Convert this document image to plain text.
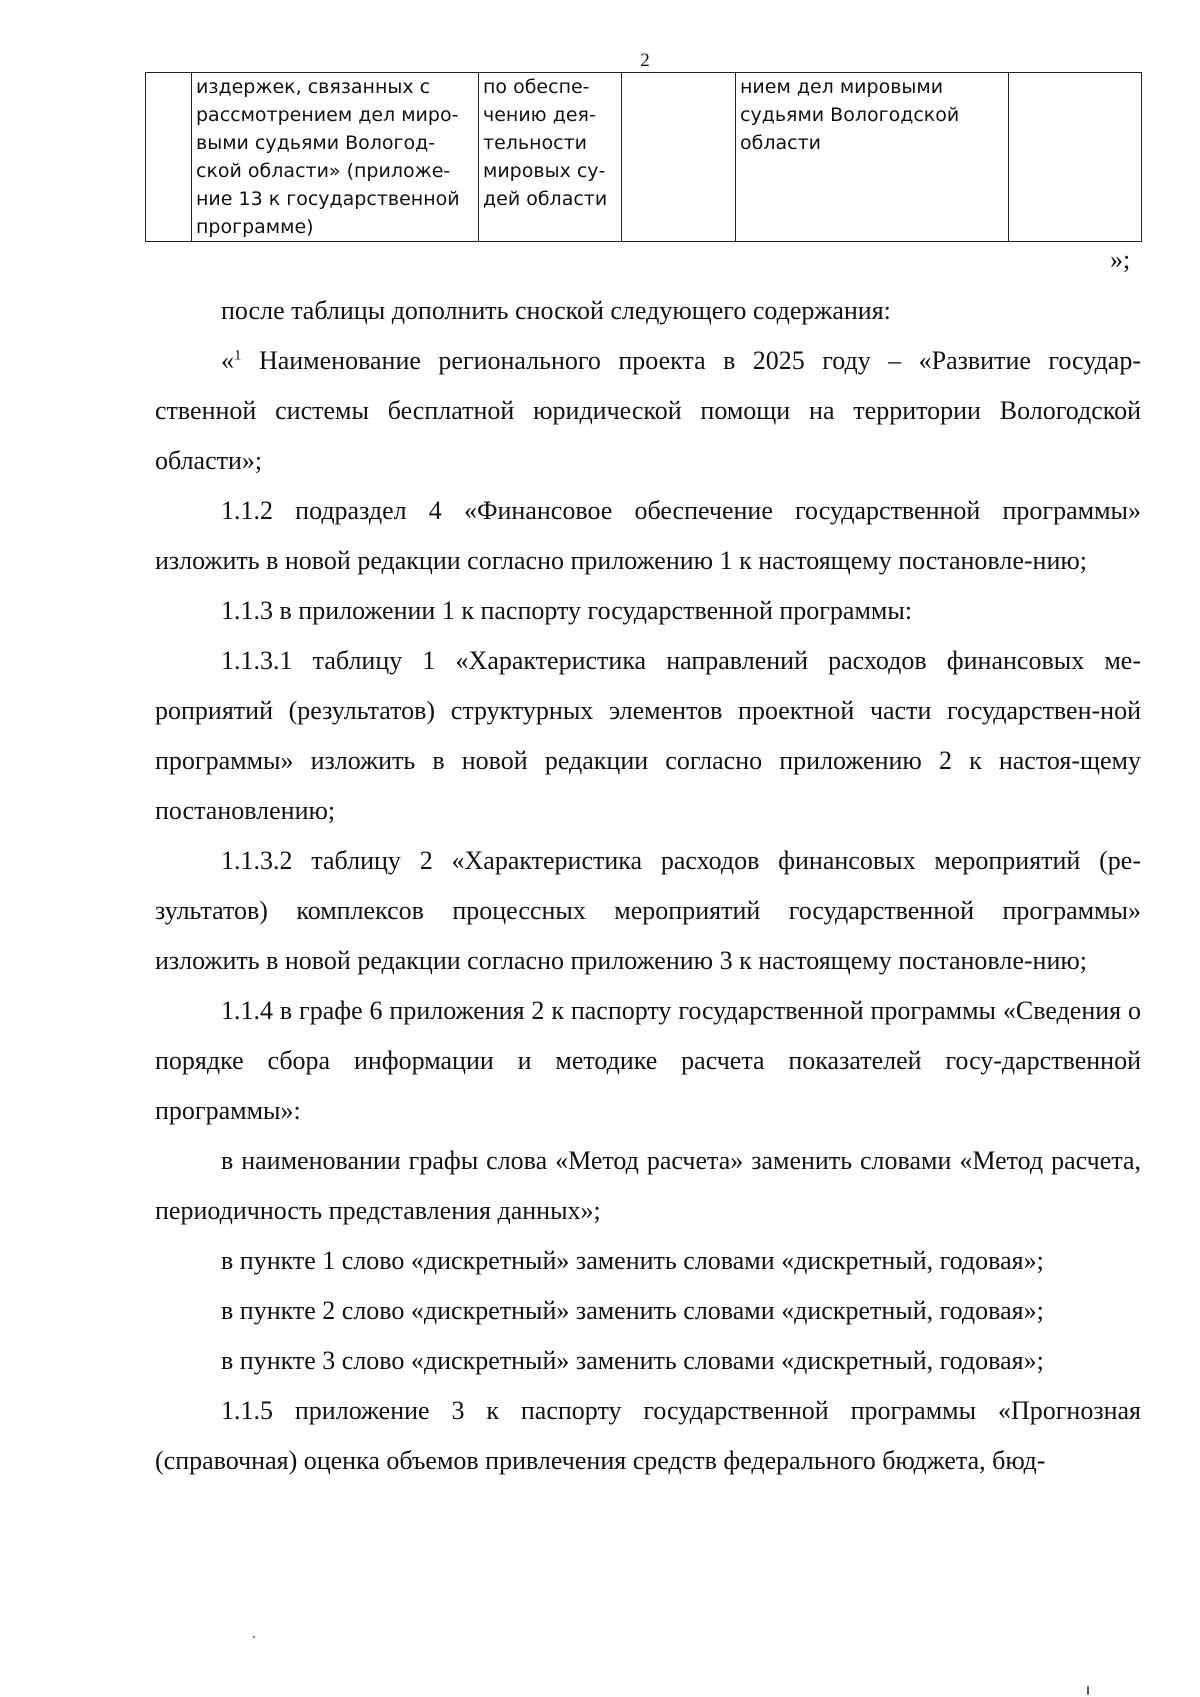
2
	издержек, связанных с рассмотрением дел миро-выми судьями Вологод-ской области» (приложе-ние 13 к государственной программе)	по обеспе-чению дея-тельности мировых су-дей области		нием дел мировыми судьями Вологодской области	
»;

после таблицы дополнить сноской следующего содержания:

«$^1$ Наименование регионального проекта в 2025 году – «Развитие государ-ственной системы бесплатной юридической помощи на территории Вологодской области»;

1.1.2 подраздел 4 «Финансовое обеспечение государственной программы» изложить в новой редакции согласно приложению 1 к настоящему постановле-нию;

1.1.3 в приложении 1 к паспорту государственной программы:

1.1.3.1 таблицу 1 «Характеристика направлений расходов финансовых ме-роприятий (результатов) структурных элементов проектной части государствен-ной программы» изложить в новой редакции согласно приложению 2 к настоя-щему постановлению;

1.1.3.2 таблицу 2 «Характеристика расходов финансовых мероприятий (ре-зультатов) комплексов процессных мероприятий государственной программы» изложить в новой редакции согласно приложению 3 к настоящему постановле-нию;

1.1.4 в графе 6 приложения 2 к паспорту государственной программы «Сведения о порядке сбора информации и методике расчета показателей госу-дарственной программы»:

в наименовании графы слова «Метод расчета» заменить словами «Метод расчета, периодичность представления данных»;

в пункте 1 слово «дискретный» заменить словами «дискретный, годовая»;

в пункте 2 слово «дискретный» заменить словами «дискретный, годовая»;

в пункте 3 слово «дискретный» заменить словами «дискретный, годовая»;

1.1.5 приложение 3 к паспорту государственной программы «Прогнозная (справочная) оценка объемов привлечения средств федерального бюджета, бюд-
